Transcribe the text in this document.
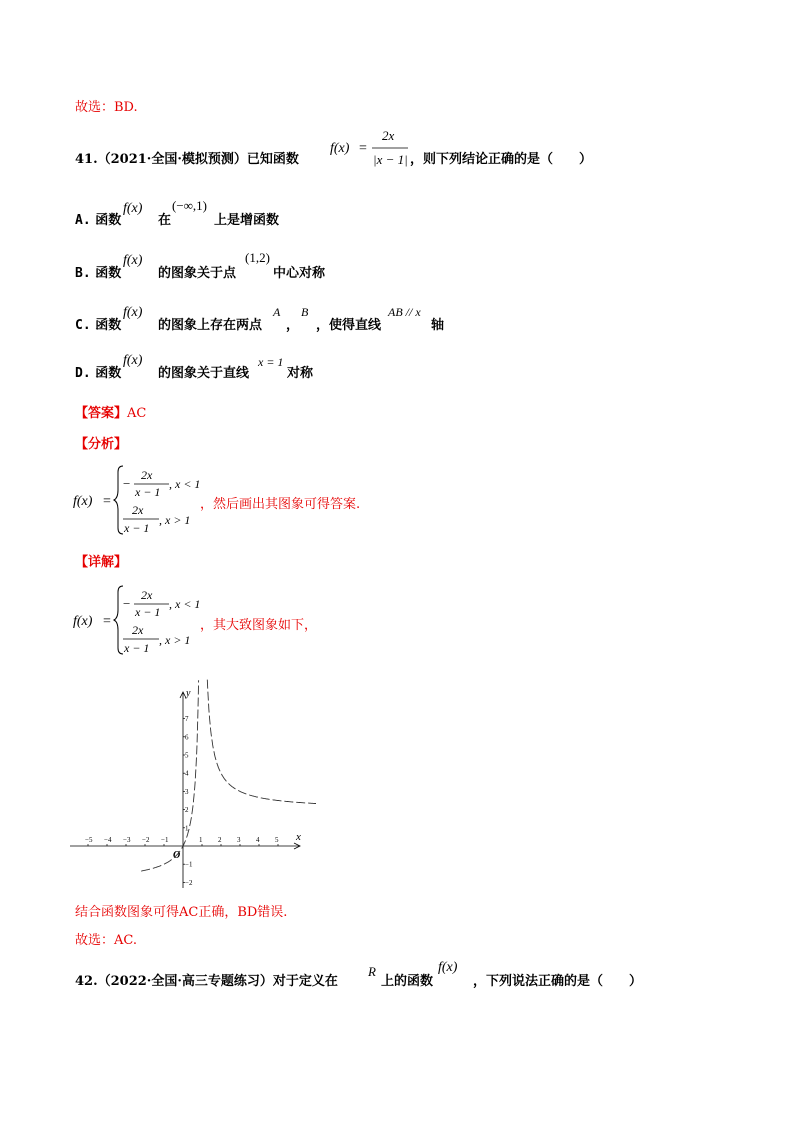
故选：BD.
41.（2021·全国·模拟预测）已知函数
f(x) =
2x
|x − 1| ，则下列结论正确的是（　　）
A. 函数
f(x)
在
(−∞,1)
上是增函数
B. 函数
f(x)
的图象关于点
(1,2)
中心对称
C. 函数
f(x)
的图象上存在两点
A
，
B
，使得直线
AB // x
轴
D. 函数
f(x)
的图象关于直线
x = 1
对称
【答案】AC
【分析】
f(x) =
−
2x
x − 1
, x < 1
2x
x − 1
, x > 1
，然后画出其图象可得答案.
【详解】
f(x) =
−
2x
x − 1
, x < 1
2x
x − 1
, x > 1
，其大致图象如下，
−5 −4 −3 −2 −1	1 2 3 4 5
7
6
5
4
3
2
1
−1
−2
y
x
O
结合函数图象可得AC正确，BD错误.
故选：AC.
42.（2022·全国·高三专题练习）对于定义在
R
上的函数
f(x)
，下列说法正确的是（　　）
